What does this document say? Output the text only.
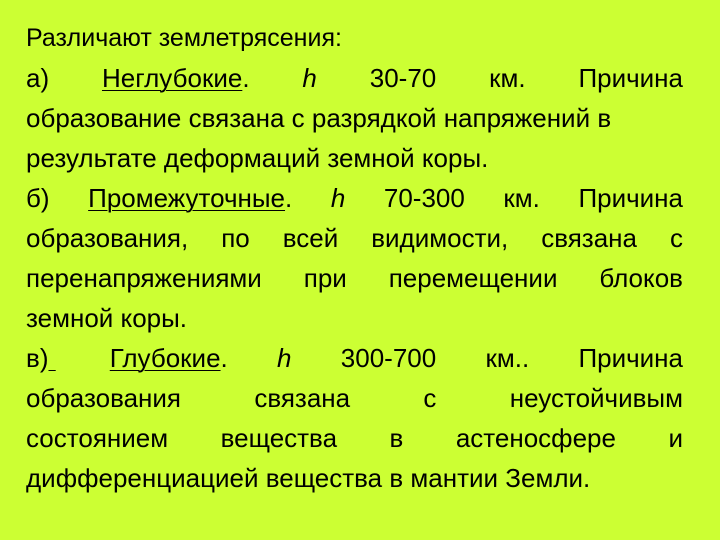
Различают землетрясения:
а) Неглубокие. h 30-70 км. Причина
образование связана с разрядкой напряжений в
результате деформаций земной коры.
б) Промежуточные. h 70-300 км. Причина
образования, по всей видимости, связана с
перенапряжениями при перемещении блоков
земной коры.
в)	Глубокие. h 300-700 км.. Причина
образования	связана	с	неустойчивым
состоянием вещества в астеносфере и
дифференциацией вещества в мантии Земли.
